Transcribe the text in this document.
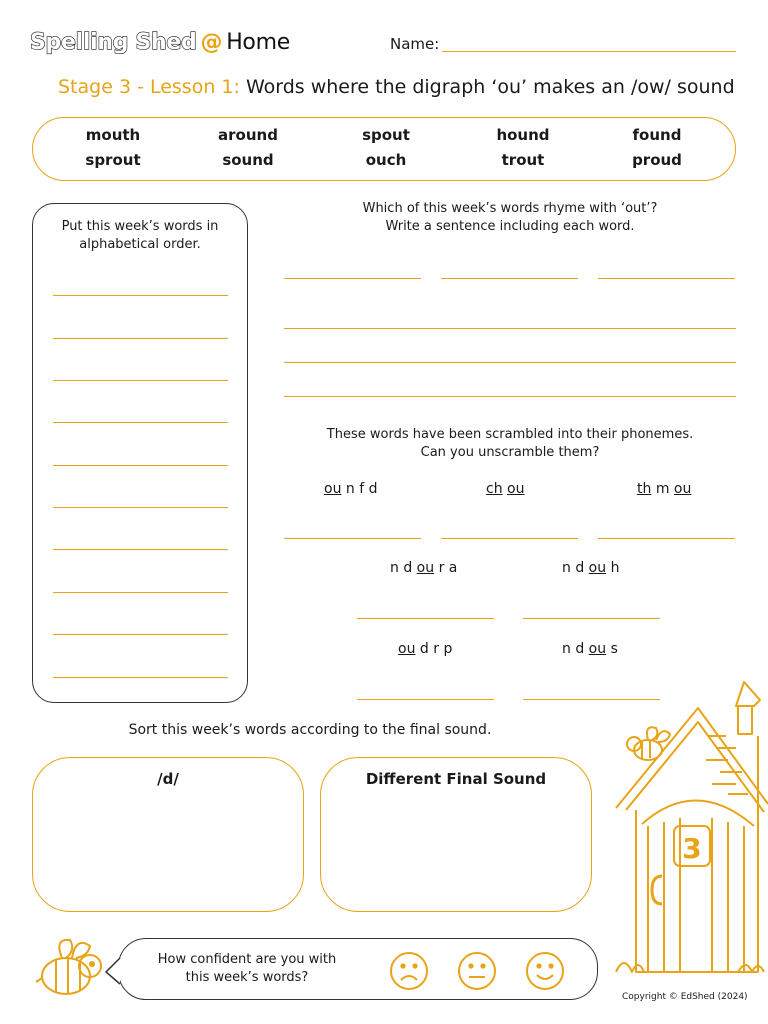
Spelling Shed @ Home	Name:
Stage 3 - Lesson 1: Words where the digraph ‘ou’ makes an /ow/ sound
mouth	around	spout	hound	found
sprout	sound	ouch	trout	proud
Put this week’s words in
alphabetical order.
Which of this week’s words rhyme with ‘out’?
Write a sentence including each word.
These words have been scrambled into their phonemes.
Can you unscramble them?
ou n f d	ch ou	th m ou
n d ou r a	n d ou h
ou d r p	n d ou s
Sort this week’s words according to the final sound.
/d/	Different Final Sound
3
How confident are you with
this week’s words?
Copyright © EdShed (2024)
